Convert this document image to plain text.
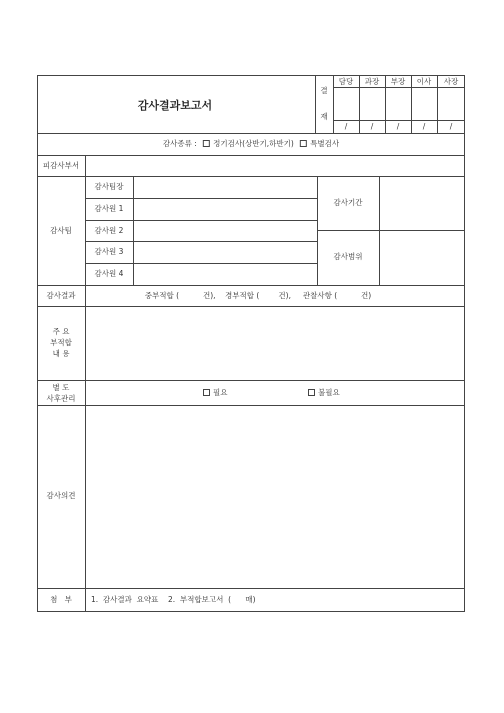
감사결과보고서
결
재
담당 과장 부장 이사 사장
/	/	/	/	/
감사종류 : 정기검사(상반기,하반기) 특별검사
피감사부서
감사팀
감사팀장
감사원 1
감사원 2
감사원 3
감사원 4
감사기간
감사범위
감사결과	중부적합 (          건),    경부적합 (        건),     관찰사항 (          건)
주 요
부적합
내 용
별 도
사후관리
필요	불필요
감사의견
첨   부	1.  감사결과  요약표    2.  부적합보고서  (      매)
